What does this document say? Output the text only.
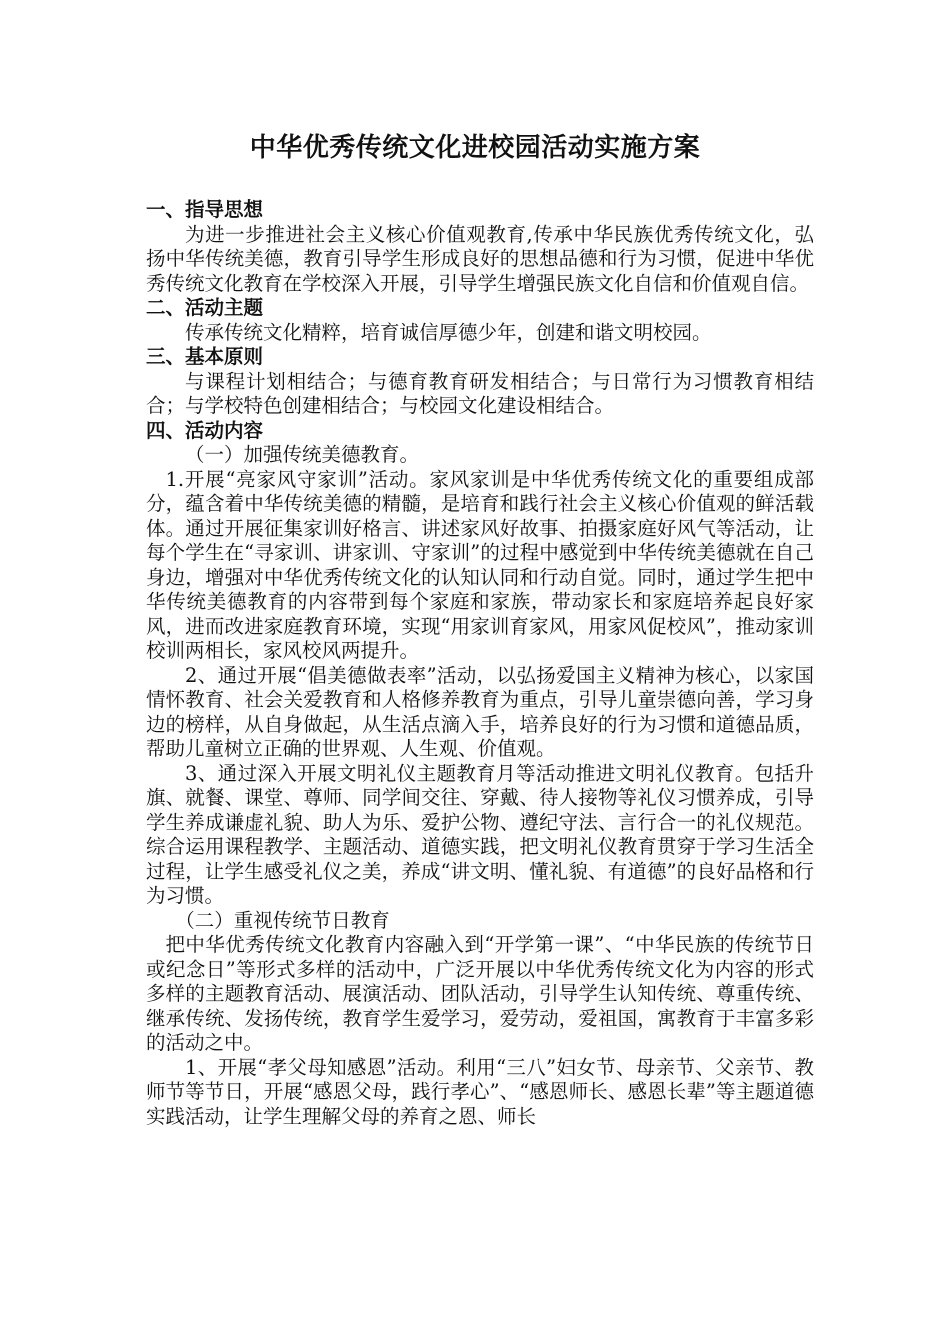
中华优秀传统文化进校园活动实施方案

一、指导思想

为进一步推进社会主义核心价值观教育,传承中华民族优秀传统文化，弘扬中华传统美德，教育引导学生形成良好的思想品德和行为习惯，促进中华优秀传统文化教育在学校深入开展，引导学生增强民族文化自信和价值观自信。

二、活动主题

传承传统文化精粹，培育诚信厚德少年，创建和谐文明校园。

三、基本原则

与课程计划相结合；与德育教育研发相结合；与日常行为习惯教育相结合；与学校特色创建相结合；与校园文化建设相结合。

四、活动内容

（一）加强传统美德教育。

1.开展“亮家风守家训”活动。家风家训是中华优秀传统文化的重要组成部分，蕴含着中华传统美德的精髓，是培育和践行社会主义核心价值观的鲜活载体。通过开展征集家训好格言、讲述家风好故事、拍摄家庭好风气等活动，让每个学生在“寻家训、讲家训、守家训”的过程中感觉到中华传统美德就在自己身边，增强对中华优秀传统文化的认知认同和行动自觉。同时，通过学生把中华传统美德教育的内容带到每个家庭和家族，带动家长和家庭培养起良好家风，进而改进家庭教育环境，实现“用家训育家风，用家风促校风”，推动家训校训两相长，家风校风两提升。

2、通过开展“倡美德做表率”活动，以弘扬爱国主义精神为核心，以家国情怀教育、社会关爱教育和人格修养教育为重点，引导儿童崇德向善，学习身边的榜样，从自身做起，从生活点滴入手，培养良好的行为习惯和道德品质，帮助儿童树立正确的世界观、人生观、价值观。

3、通过深入开展文明礼仪主题教育月等活动推进文明礼仪教育。包括升旗、就餐、课堂、尊师、同学间交往、穿戴、待人接物等礼仪习惯养成，引导学生养成谦虚礼貌、助人为乐、爱护公物、遵纪守法、言行合一的礼仪规范。综合运用课程教学、主题活动、道德实践，把文明礼仪教育贯穿于学习生活全过程，让学生感受礼仪之美，养成“讲文明、懂礼貌、有道德”的良好品格和行为习惯。

（二）重视传统节日教育

把中华优秀传统文化教育内容融入到“开学第一课”、“中华民族的传统节日或纪念日”等形式多样的活动中，广泛开展以中华优秀传统文化为内容的形式多样的主题教育活动、展演活动、团队活动，引导学生认知传统、尊重传统、继承传统、发扬传统，教育学生爱学习，爱劳动，爱祖国，寓教育于丰富多彩的活动之中。

1、开展“孝父母知感恩”活动。利用“三八”妇女节、母亲节、父亲节、教师节等节日，开展“感恩父母，践行孝心”、“感恩师长、感恩长辈”等主题道德实践活动，让学生理解父母的养育之恩、师长
